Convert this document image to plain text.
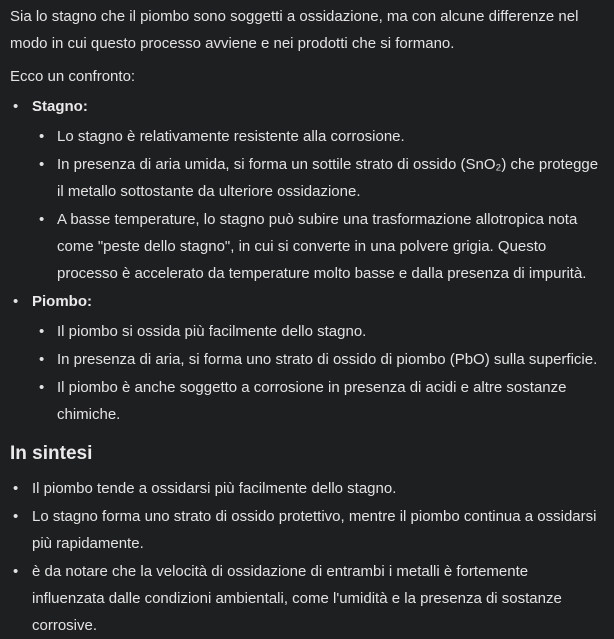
Sia lo stagno che il piombo sono soggetti a ossidazione, ma con alcune differenze nel modo in cui questo processo avviene e nei prodotti che si formano.

Ecco un confronto:

• Stagno:
• Lo stagno è relativamente resistente alla corrosione.
• In presenza di aria umida, si forma un sottile strato di ossido (SnO₂) che protegge il metallo sottostante da ulteriore ossidazione.
• A basse temperature, lo stagno può subire una trasformazione allotropica nota come "peste dello stagno", in cui si converte in una polvere grigia. Questo processo è accelerato da temperature molto basse e dalla presenza di impurità.
• Piombo:
• Il piombo si ossida più facilmente dello stagno.
• In presenza di aria, si forma uno strato di ossido di piombo (PbO) sulla superficie.
• Il piombo è anche soggetto a corrosione in presenza di acidi e altre sostanze chimiche.
In sintesi
• Il piombo tende a ossidarsi più facilmente dello stagno.
• Lo stagno forma uno strato di ossido protettivo, mentre il piombo continua a ossidarsi più rapidamente.
• è da notare che la velocità di ossidazione di entrambi i metalli è fortemente influenzata dalle condizioni ambientali, come l'umidità e la presenza di sostanze corrosive.
